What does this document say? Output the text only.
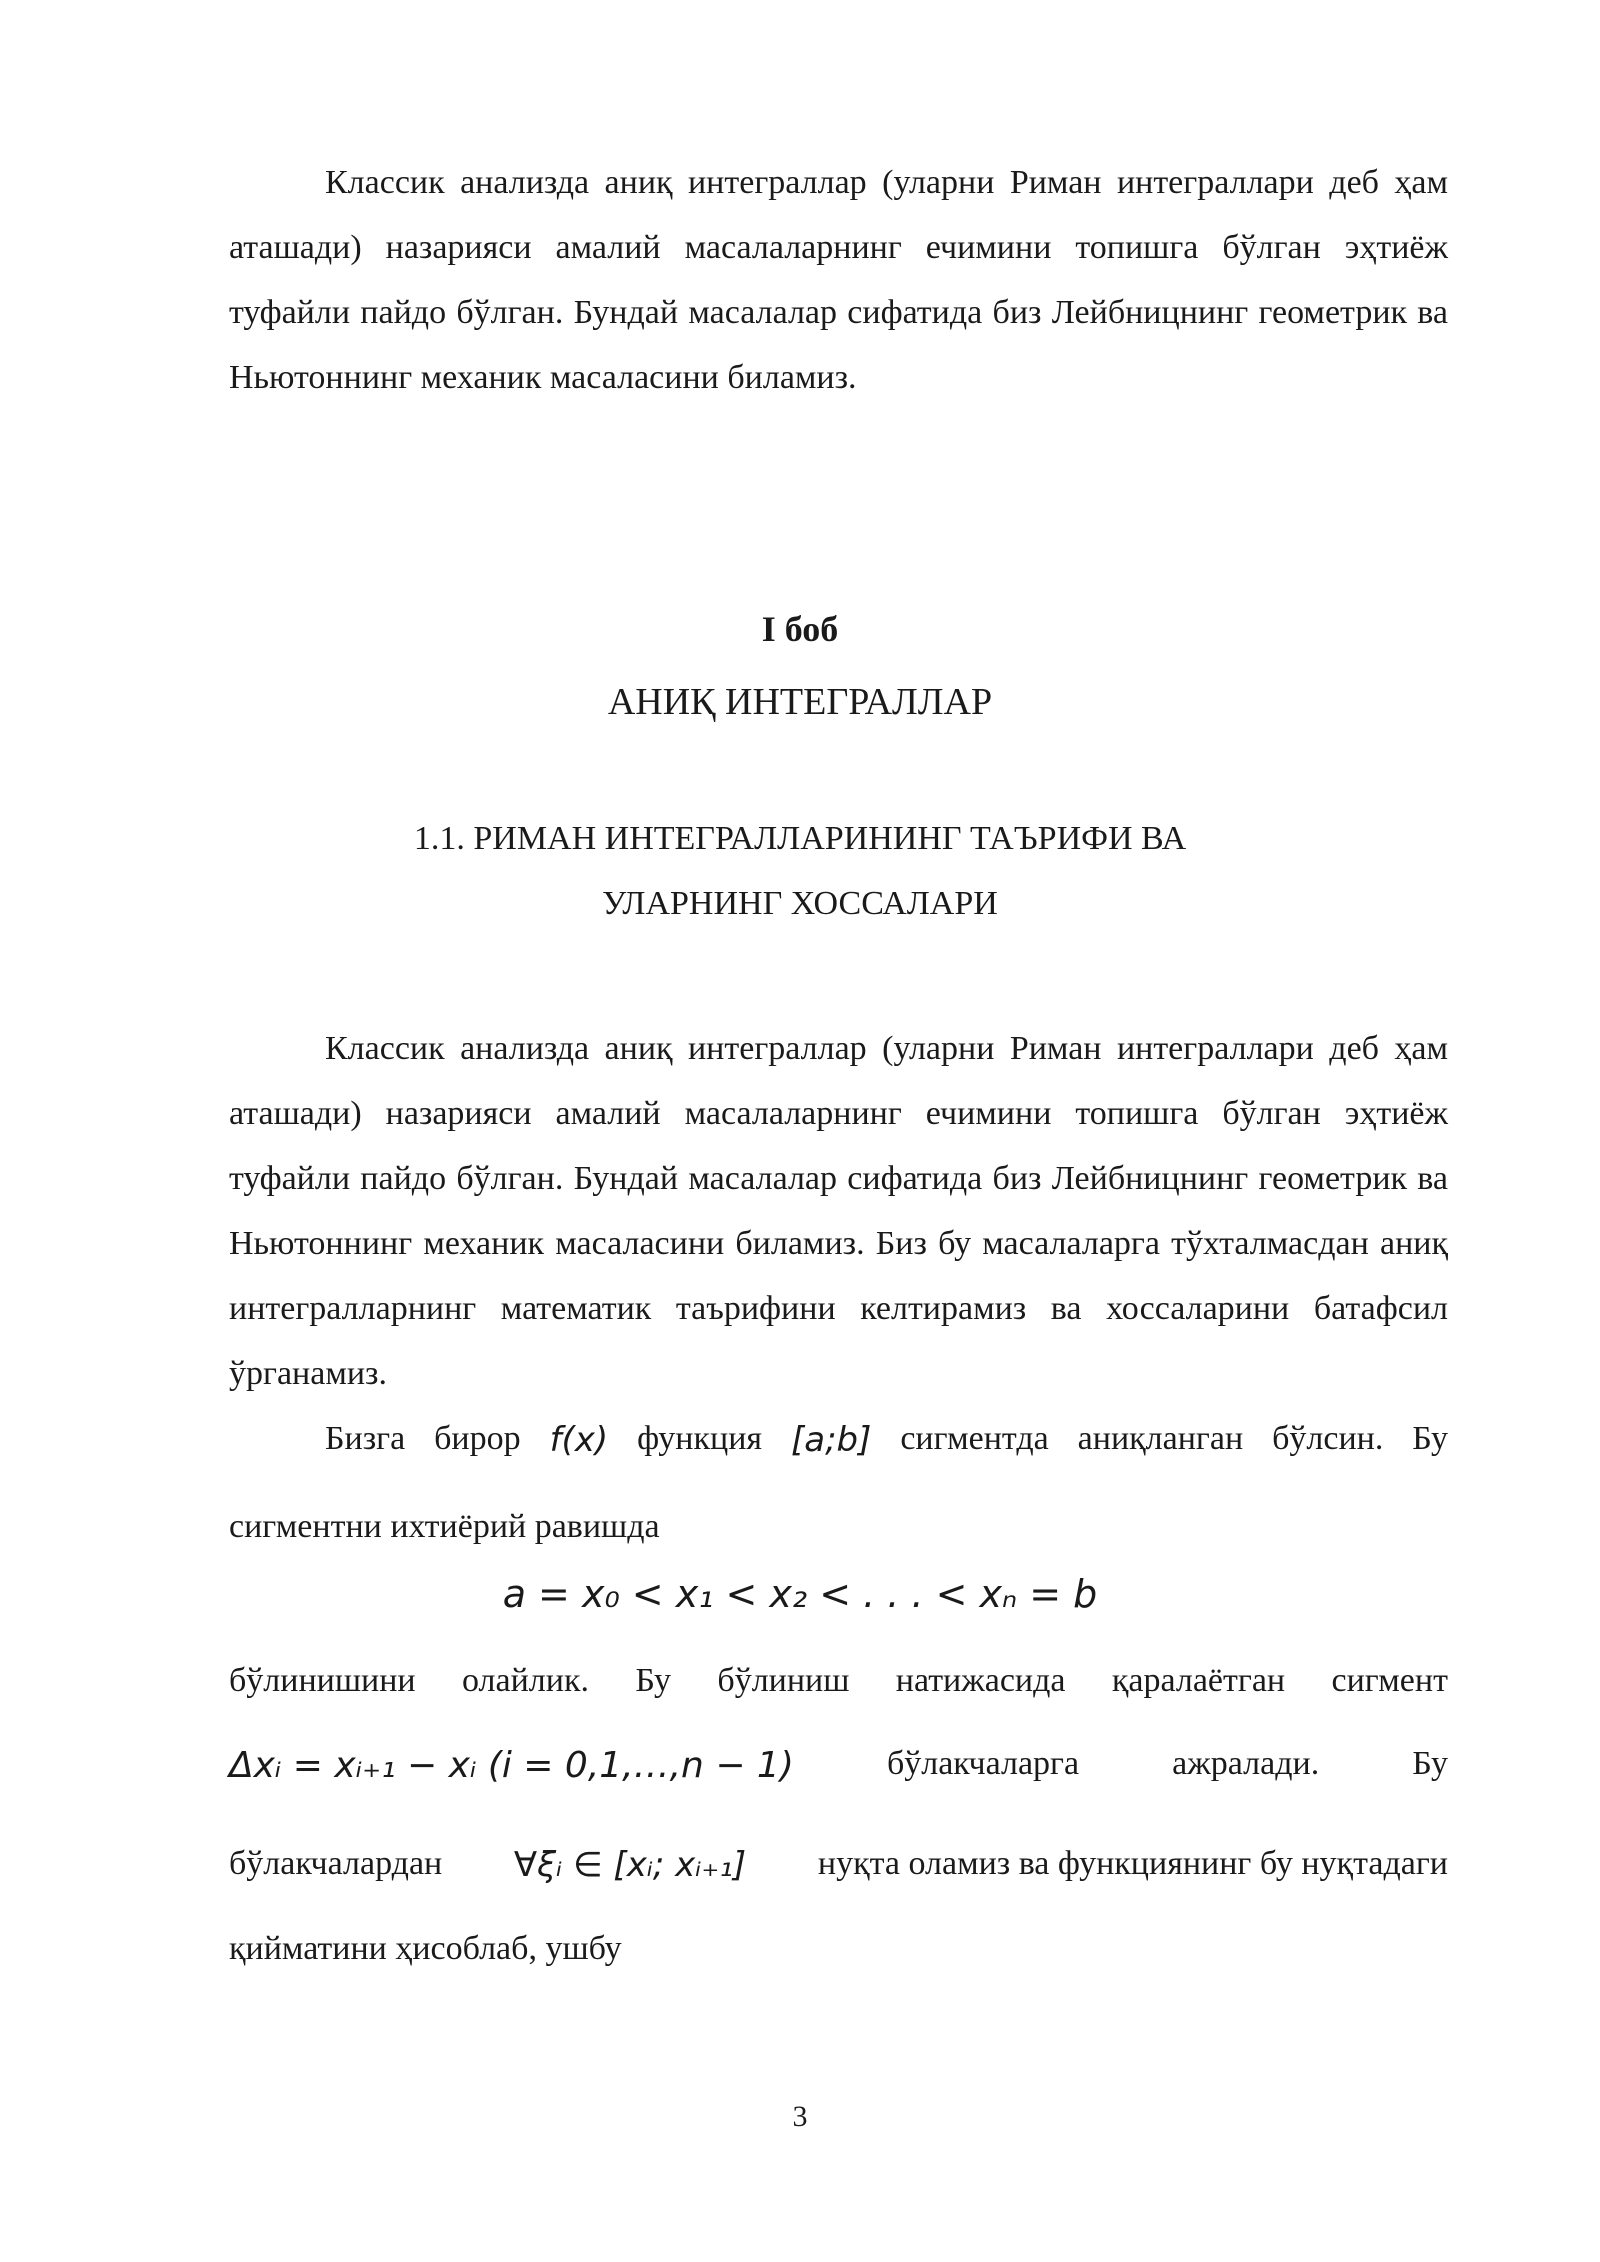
Классик анализда аниқ интеграллар (уларни Риман интеграллари деб ҳам аташади) назарияси амалий масалаларнинг ечимини топишга бўлган эҳтиёж туфайли пайдо бўлган. Бундай масалалар сифатида биз Лейбницнинг геометрик ва Ньютоннинг механик масаласини биламиз.

I боб

АНИҚ ИНТЕГРАЛЛАР

1.1. РИМАН ИНТЕГРАЛЛАРИНИНГ ТАЪРИФИ ВА

УЛАРНИНГ ХОССАЛАРИ

Классик анализда аниқ интеграллар (уларни Риман интеграллари деб ҳам аташади) назарияси амалий масалаларнинг ечимини топишга бўлган эҳтиёж туфайли пайдо бўлган. Бундай масалалар сифатида биз Лейбницнинг геометрик ва Ньютоннинг механик масаласини биламиз. Биз бу масалаларга тўхталмасдан аниқ интегралларнинг математик таърифини келтирамиз ва хоссаларини батафсил ўрганамиз.

Бизга бирор f(x) функция [a;b] сигментда аниқланган бўлсин. Бу
сигментни ихтиёрий равишда
a = x₀ < x₁ < x₂ < . . . < xₙ = b
бўлинишини олайлик. Бу бўлиниш натижасида қаралаётган сигмент
Δxᵢ = xᵢ₊₁ − xᵢ (i = 0,1,…,n − 1)	бўлакчаларга	ажралади.	Бу
бўлакчалардан ∀ξᵢ ∈ [xᵢ; xᵢ₊₁] нуқта оламиз ва функциянинг бу нуқтадаги
қийматини ҳисоблаб, ушбу
3
